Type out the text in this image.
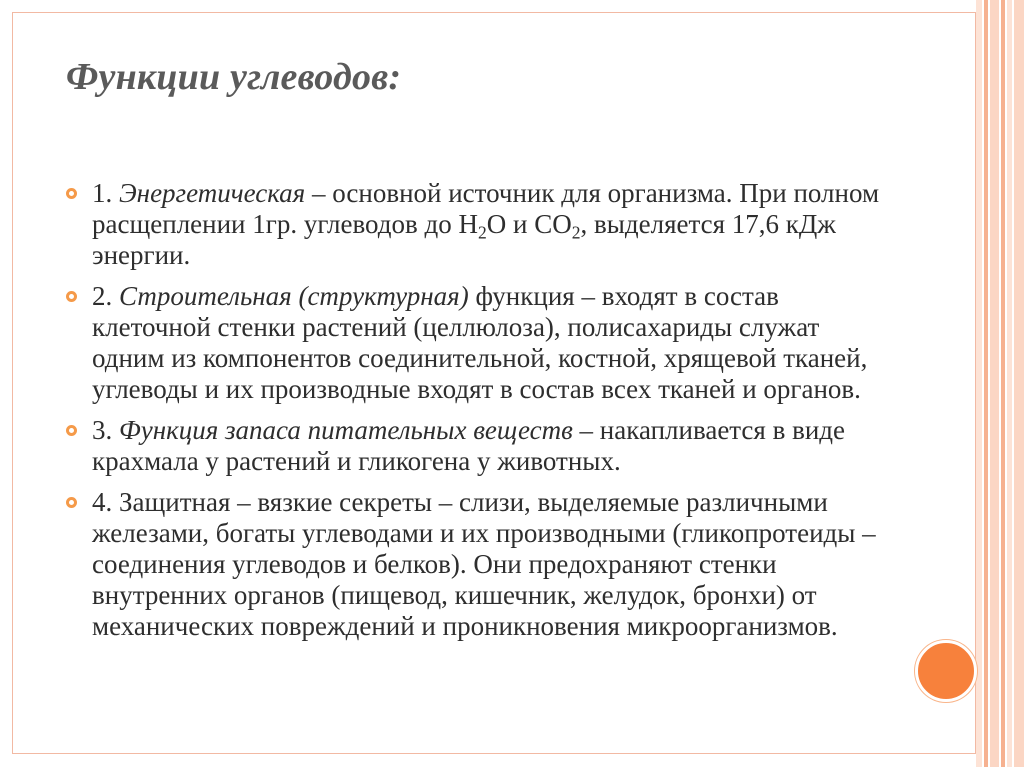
Функции углеводов:
1. Энергетическая – основной источник для организма. При полном расщеплении 1гр. углеводов до $H_2O$ и $CO_2$, выделяется 17,6 кДж энергии.
2. Строительная (структурная) функция – входят в состав клеточной стенки растений (целлюлоза), полисахариды служат одним из компонентов соединительной, костной, хрящевой тканей, углеводы и их производные входят в состав всех тканей и органов.
3. Функция запаса питательных веществ – накапливается в виде крахмала у растений и гликогена у животных.
4. Защитная – вязкие секреты – слизи, выделяемые различными железами, богаты углеводами и их производными (гликопротеиды – соединения углеводов и белков). Они предохраняют стенки внутренних органов (пищевод, кишечник, желудок, бронхи) от механических повреждений и проникновения микроорганизмов.
